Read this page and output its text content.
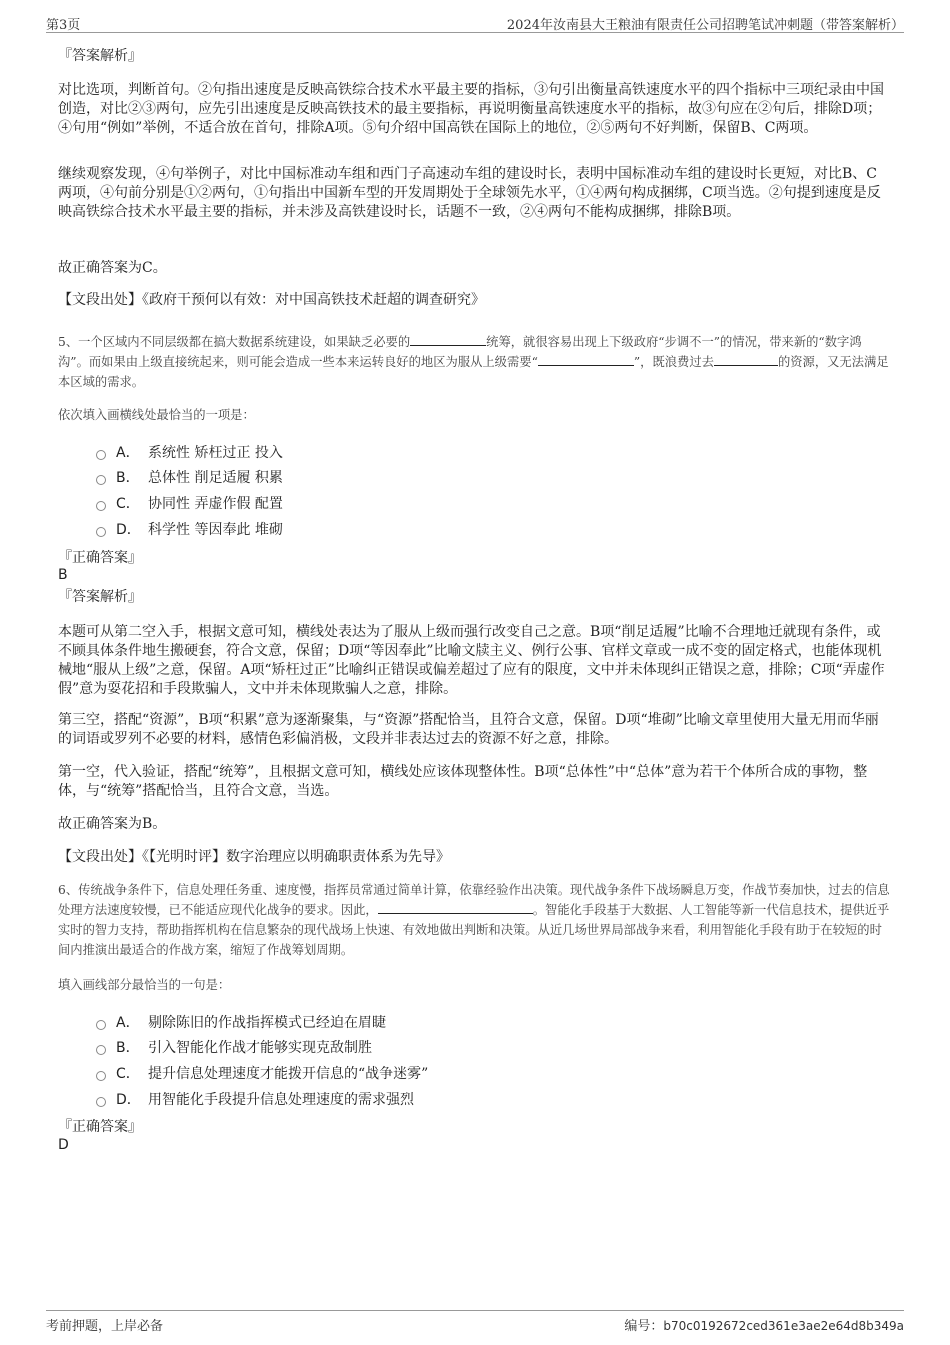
第3页	2024年汝南县大王粮油有限责任公司招聘笔试冲刺题（带答案解析）
『答案解析』
对比选项，判断首句。②句指出速度是反映高铁综合技术水平最主要的指标，③句引出衡量高铁速度水平的四个指标中三项纪录由中国创造，对比②③两句，应先引出速度是反映高铁技术的最主要指标，再说明衡量高铁速度水平的指标，故③句应在②句后，排除D项；④句用“例如”举例，不适合放在首句，排除A项。⑤句介绍中国高铁在国际上的地位，②⑤两句不好判断，保留B、C两项。
继续观察发现，④句举例子，对比中国标准动车组和西门子高速动车组的建设时长，表明中国标准动车组的建设时长更短，对比B、C两项，④句前分别是①②两句，①句指出中国新车型的开发周期处于全球领先水平，①④两句构成捆绑，C项当选。②句提到速度是反映高铁综合技术水平最主要的指标，并未涉及高铁建设时长，话题不一致，②④两句不能构成捆绑，排除B项。
故正确答案为C。
【文段出处】《政府干预何以有效：对中国高铁技术赶超的调查研究》
5、一个区域内不同层级都在搞大数据系统建设，如果缺乏必要的	统筹，就很容易出现上下级政府“步调不一”的情况，带来新的“数字鸿沟”。而如果由上级直接统起来，则可能会造成一些本来运转良好的地区为服从上级需要“	”，既浪费过去	的资源，又无法满足本区域的需求。
依次填入画横线处最恰当的一项是：
A． 系统性 矫枉过正 投入
B． 总体性 削足适履 积累
C． 协同性 弄虚作假 配置
D． 科学性 等因奉此 堆砌
『正确答案』
B
『答案解析』
本题可从第二空入手，根据文意可知，横线处表达为了服从上级而强行改变自己之意。B项“削足适履”比喻不合理地迁就现有条件，或不顾具体条件地生搬硬套，符合文意，保留；D项“等因奉此”比喻文牍主义、例行公事、官样文章或一成不变的固定格式，也能体现机械地“服从上级”之意，保留。A项“矫枉过正”比喻纠正错误或偏差超过了应有的限度，文中并未体现纠正错误之意，排除；C项“弄虚作假”意为耍花招和手段欺骗人，文中并未体现欺骗人之意，排除。
第三空，搭配“资源”，B项“积累”意为逐渐聚集，与“资源”搭配恰当，且符合文意，保留。D项“堆砌”比喻文章里使用大量无用而华丽的词语或罗列不必要的材料，感情色彩偏消极，文段并非表达过去的资源不好之意，排除。
第一空，代入验证，搭配“统筹”，且根据文意可知，横线处应该体现整体性。B项“总体性”中“总体”意为若干个体所合成的事物，整体，与“统筹”搭配恰当，且符合文意，当选。
故正确答案为B。
【文段出处】《【光明时评】数字治理应以明确职责体系为先导》
6、传统战争条件下，信息处理任务重、速度慢，指挥员常通过简单计算，依靠经验作出决策。现代战争条件下战场瞬息万变，作战节奏加快，过去的信息处理方法速度较慢，已不能适应现代化战争的要求。因此，	。智能化手段基于大数据、人工智能等新一代信息技术，提供近乎实时的智力支持，帮助指挥机构在信息繁杂的现代战场上快速、有效地做出判断和决策。从近几场世界局部战争来看，利用智能化手段有助于在较短的时间内推演出最适合的作战方案，缩短了作战筹划周期。
填入画线部分最恰当的一句是：
A． 剔除陈旧的作战指挥模式已经迫在眉睫
B． 引入智能化作战才能够实现克敌制胜
C． 提升信息处理速度才能拨开信息的“战争迷雾”
D． 用智能化手段提升信息处理速度的需求强烈
『正确答案』
D
考前押题，上岸必备	编号：b70c0192672ced361e3ae2e64d8b349a
